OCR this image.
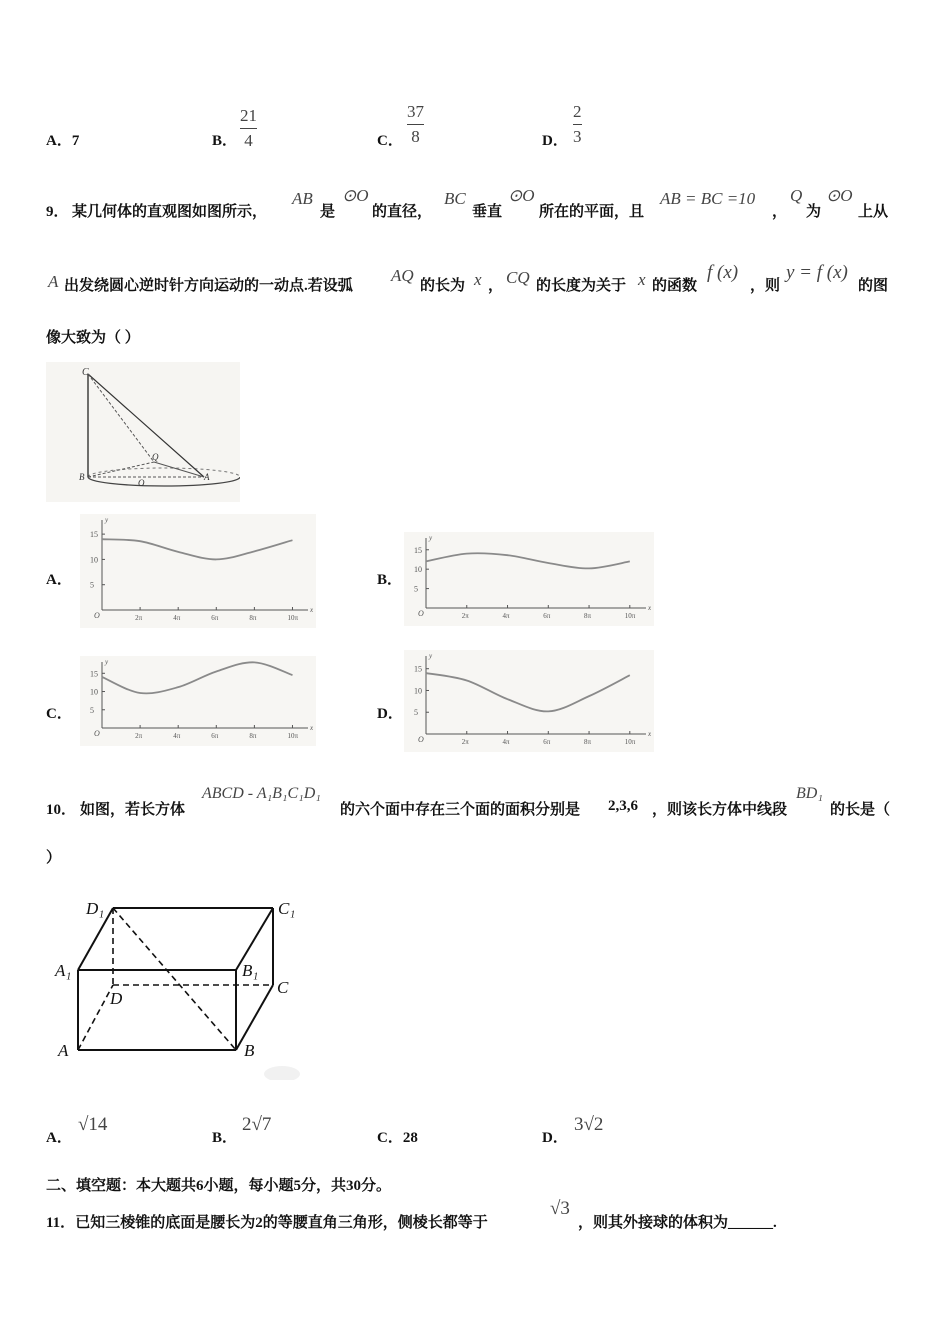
A．7	B．
21
4	C．
37
8	D．
2
3
9． 某几何体的直观图如图所示，
AB
是
⊙O
的直径，
BC
垂直
⊙O
所在的平面，且
AB = BC =10
，
Q
为
⊙O
上从
A 出发绕圆心逆时针方向运动的一动点.若设弧
AQ
的长为 x ， CQ 的长度为关于 x 的函数
f (x)
，则
y = f (x)
的图
像大致为（ ）
C
B	A
O
Q
A．	B．
C．	D．
y
x
O
15
10
5
2π	4π	6π	8π	10π
y
x
O
15
10
5
2π	4π	6π	8π	10π
y
x
O
15
10
5
2π	4π	6π	8π	10π
y
x
O
15
10
5
2π	4π	6π	8π	10π
10． 如图，若长方体
ABCD - A₁B₁C₁D₁
的六个面中存在三个面的面积分别是 2,3,6 ，则该长方体中线段
BD₁
的长是（
）
D₁	C₁
A₁	B₁
D
C
A	B
A．
√14
B．
2√7
C．28	D．
3√2
二、填空题：本大题共6小题，每小题5分，共30分。
11．已知三棱锥的底面是腰长为2的等腰直角三角形，侧棱长都等于
√3
，则其外接球的体积为______.
